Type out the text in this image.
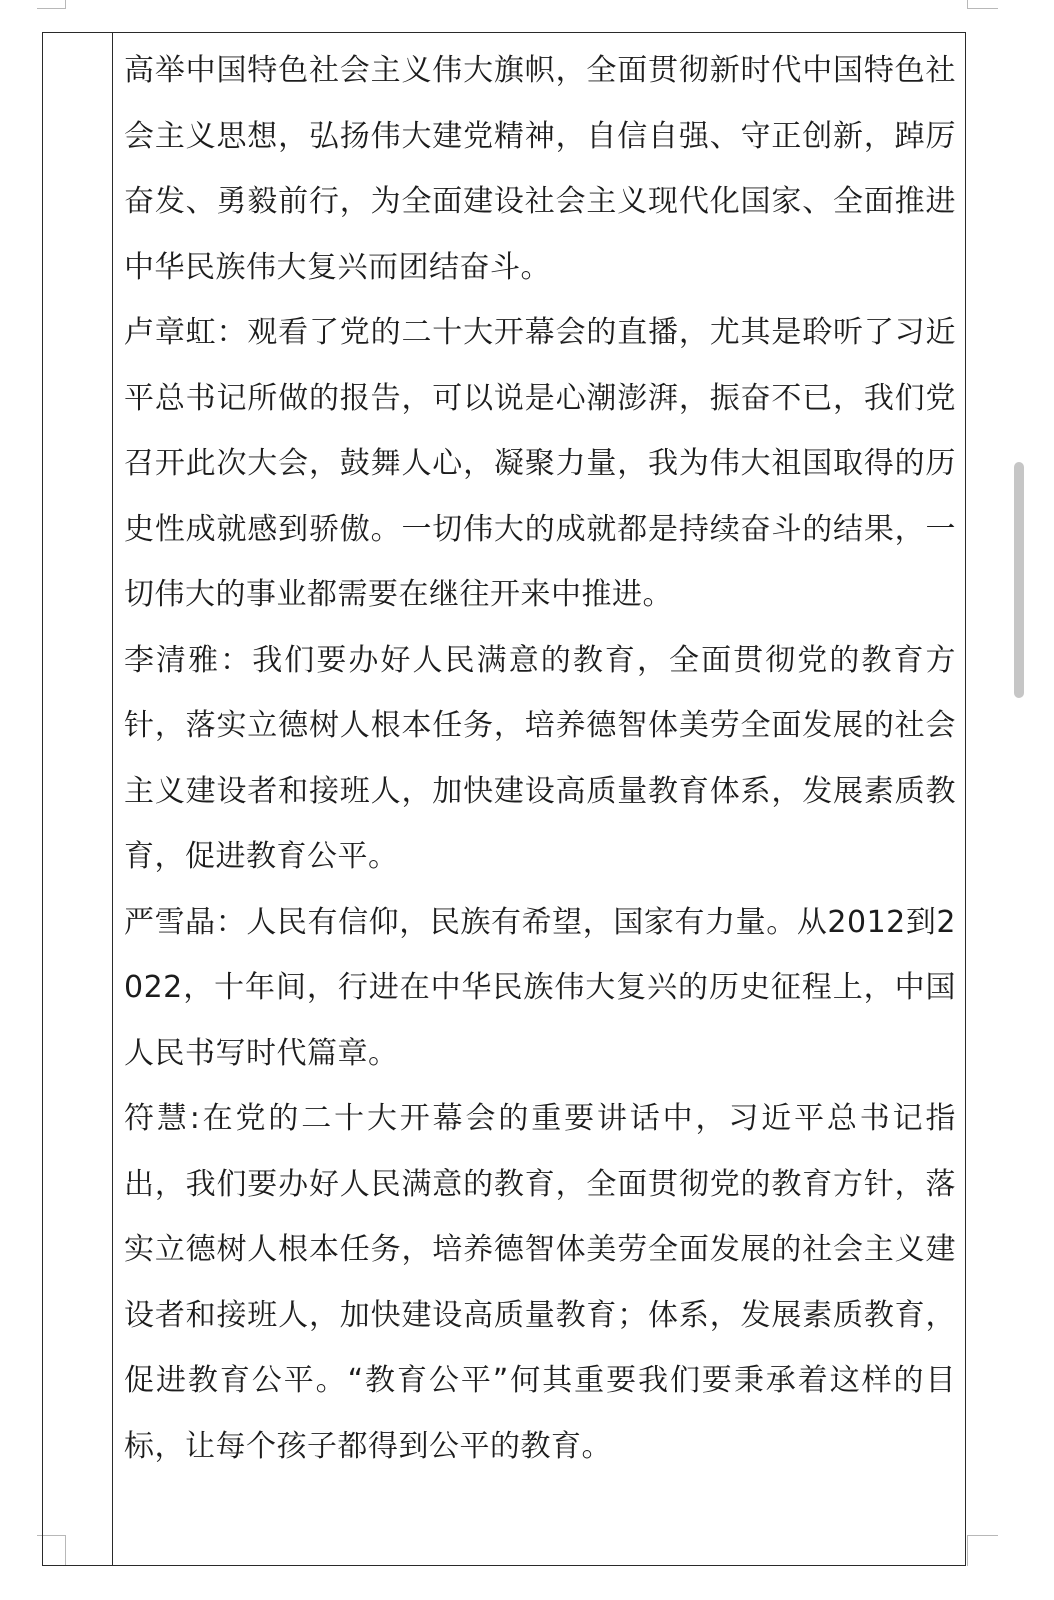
高举中国特色社会主义伟大旗帜，全面贯彻新时代中国特色社会主义思想，弘扬伟大建党精神，自信自强、守正创新，踔厉奋发、勇毅前行，为全面建设社会主义现代化国家、全面推进中华民族伟大复兴而团结奋斗。

卢章虹：观看了党的二十大开幕会的直播，尤其是聆听了习近平总书记所做的报告，可以说是心潮澎湃，振奋不已，我们党召开此次大会，鼓舞人心，凝聚力量，我为伟大祖国取得的历史性成就感到骄傲。一切伟大的成就都是持续奋斗的结果，一切伟大的事业都需要在继往开来中推进。

李清雅：我们要办好人民满意的教育，全面贯彻党的教育方针，落实立德树人根本任务，培养德智体美劳全面发展的社会主义建设者和接班人，加快建设高质量教育体系，发展素质教育，促进教育公平。

严雪晶：人民有信仰，民族有希望，国家有力量。从2012到2022，十年间，行进在中华民族伟大复兴的历史征程上，中国人民书写时代篇章。

符慧:在党的二十大开幕会的重要讲话中，习近平总书记指出，我们要办好人民满意的教育，全面贯彻党的教育方针，落实立德树人根本任务，培养德智体美劳全面发展的社会主义建设者和接班人，加快建设高质量教育；体系，发展素质教育，促进教育公平。“教育公平”何其重要我们要秉承着这样的目标，让每个孩子都得到公平的教育。
